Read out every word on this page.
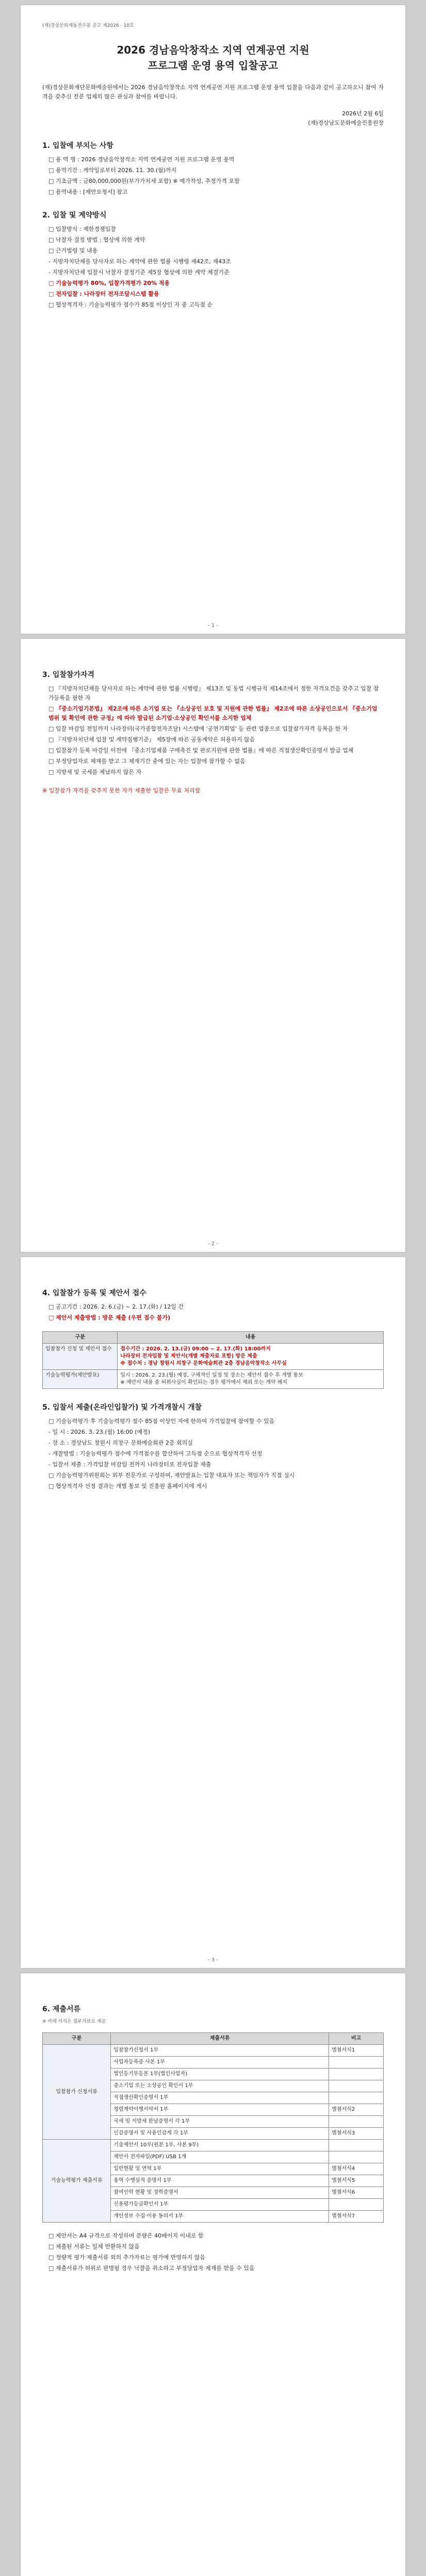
(재)경상문화재돌전주봉 공고 제2026 - 10호
2026 경남음악창작소 지역 연계공연 지원
프로그램 운영 용역 입찰공고
(재)경상문화재단문화예술원에서는 2026 경남음악창작소 지역 연계공연 지원 프로그램 운영 용역 입찰을 다음과 같이 공고하오니 참여 자격을 갖추신 전문 업체의 많은 관심과 참여를 바랍니다.
2026년 2월 6일
(재)경상남도문화예술진흥원장
1. 입찰에 부치는 사항
□ 용 역 명 : 2026 경남음악창작소 지역 연계공연 지원 프로그램 운영 용역
□ 용역기간 : 계약일로부터 2026. 11. 30.(월)까지
□ 기초금액 : 금80,000,000원(부가가치세 포함) ※ 예가작성, 추정가격 포함
□ 용역내용 : [제안요청서] 참고
2. 입찰 및 계약방식
□ 입찰방식 : 제한경쟁입찰
□ 낙찰자 결정 방법 : 협상에 의한 계약
□ 근거법령 및 내용
- 지방자치단체를 당사자로 하는 계약에 관한 법률 시행령 제42조, 제43조
- 지방자치단체 입찰시 낙찰자 결정기준 제5장 협상에 의한 계약 체결기준
□ 기술능력평가 80%, 입찰가격평가 20% 적용
□ 전자입찰 : 나라장터 전자조달시스템 활용
□ 협상적격자 : 기술능력평가 점수가 85점 이상인 자 중 고득점 순
- 1 -
3. 입찰참가자격
□ 『지방자치단체를 당사자로 하는 계약에 관한 법률 시행령』 제13조 및 동법 시행규칙 제14조에서 정한 자격요건을 갖추고 입찰 참가등록을 필한 자
□ 『중소기업기본법』 제2조에 따른 소기업 또는 『소상공인 보호 및 지원에 관한 법률』 제2조에 따른 소상공인으로서 『중소기업 범위 및 확인에 관한 규정』에 따라 발급된 소기업·소상공인 확인서를 소지한 업체
□ 입찰 마감일 전일까지 나라장터(국가종합전자조달) 시스템에 '공연기획업' 등 관련 업종으로 입찰참가자격 등록을 한 자
□ 『지방자치단체 입찰 및 계약집행기준』 제5장에 따른 공동계약은 허용하지 않음
□ 입찰참가 등록 마감일 이전에 『중소기업제품 구매촉진 및 판로지원에 관한 법률』에 따른 직접생산확인증명서 발급 업체
□ 부정당업자로 제재를 받고 그 제재기간 중에 있는 자는 입찰에 참가할 수 없음
□ 지방세 및 국세를 체납하지 않은 자
※ 입찰참가 자격을 갖추지 못한 자가 제출한 입찰은 무효 처리함
- 2 -
4. 입찰참가 등록 및 제안서 접수
□ 공고기간 : 2026. 2. 6.(금) ~ 2. 17.(화) / 12일 간
□ 제안서 제출방법 : 방문 제출 (우편 접수 불가)
구분	내용
입찰참가 신청 및 제안서 접수	접수기간 : 2026. 2. 13.(금) 09:00 ~ 2. 17.(화) 18:00까지
나라장터 전자입찰 및 제안서(개별 제출자료 포함) 방문 제출
※ 접수처 : 경남 창원시 의창구 문화예술회관 2층 경남음악창작소 사무실
기술능력평가(제안발표)	일시 : 2026. 2. 23.(월) 예정, 구체적인 일정 및 장소는 제안서 접수 후 개별 통보
※ 제안서 내용 중 허위사실이 확인되는 경우 평가에서 제외 또는 계약 해지
5. 입찰서 제출(온라인입찰가) 및 가격개찰시 개찰
□ 기술능력평가 후 기술능력평가 점수 85점 이상인 자에 한하여 가격입찰에 참여할 수 있음
- 일 시 : 2026. 3. 23.(월) 16:00 (예정)
- 장 소 : 경상남도 창원시 의창구 문화예술회관 2층 회의실
- 개찰방법 : 기술능력평가 점수에 가격점수를 합산하여 고득점 순으로 협상적격자 선정
- 입찰서 제출 : 가격입찰 마감일 전까지 나라장터로 전자입찰 제출
□ 기술능력평가위원회는 외부 전문가로 구성하며, 제안발표는 입찰 대표자 또는 책임자가 직접 실시
□ 협상적격자 선정 결과는 개별 통보 및 진흥원 홈페이지에 게시
- 3 -
6. 제출서류
※ 아래 서식은 첨부자료로 제공
구분	제출서류	비고
입찰참가 신청서류	입찰참가신청서 1부	별첨서식1
	사업자등록증 사본 1부	
	법인등기부등본 1부(법인사업자)	
	중소기업 또는 소상공인 확인서 1부	
	직접생산확인증명서 1부	
	청렴계약이행서약서 1부	별첨서식2
	국세 및 지방세 완납증명서 각 1부	
	인감증명서 및 사용인감계 각 1부	별첨서식3
기술능력평가 제출서류	기술제안서 10부(원본 1부, 사본 9부)	
	제안서 전자파일(PDF) USB 1개	
	일반현황 및 연혁 1부	별첨서식4
	용역 수행실적 증명서 1부	별첨서식5
	참여인력 현황 및 경력증명서	별첨서식6
	신용평가등급확인서 1부	
	개인정보 수집·이용 동의서 1부	별첨서식7
□ 제안서는 A4 규격으로 작성하며 분량은 40페이지 이내로 함
□ 제출된 서류는 일체 반환하지 않음
□ 정량적 평가 제출서류 외의 추가자료는 평가에 반영하지 않음
□ 제출서류가 허위로 판명될 경우 낙찰을 취소하고 부정당업자 제재를 받을 수 있음
